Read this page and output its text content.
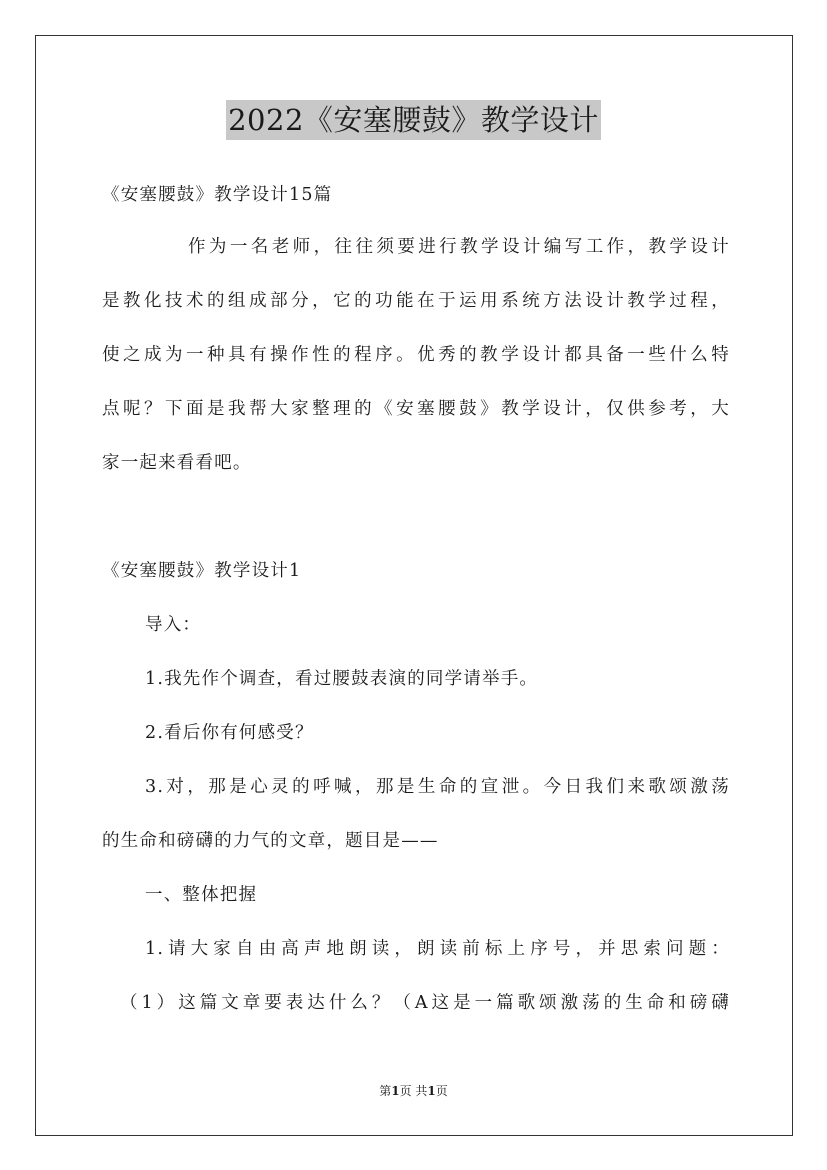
2022《安塞腰鼓》教学设计
《安塞腰鼓》教学设计15篇
作为一名老师，往往须要进行教学设计编写工作，教学设计
是教化技术的组成部分，它的功能在于运用系统方法设计教学过程，
使之成为一种具有操作性的程序。优秀的教学设计都具备一些什么特
点呢？下面是我帮大家整理的《安塞腰鼓》教学设计，仅供参考，大
家一起来看看吧。
《安塞腰鼓》教学设计1
导入：
1.我先作个调查，看过腰鼓表演的同学请举手。
2.看后你有何感受？
3.对，那是心灵的呼喊，那是生命的宣泄。今日我们来歌颂激荡
的生命和磅礴的力气的文章，题目是——
一、整体把握
1.请大家自由高声地朗读，朗读前标上序号，并思索问题：
（1）这篇文章要表达什么？（A这是一篇歌颂激荡的生命和磅礴
第1页 共1页
